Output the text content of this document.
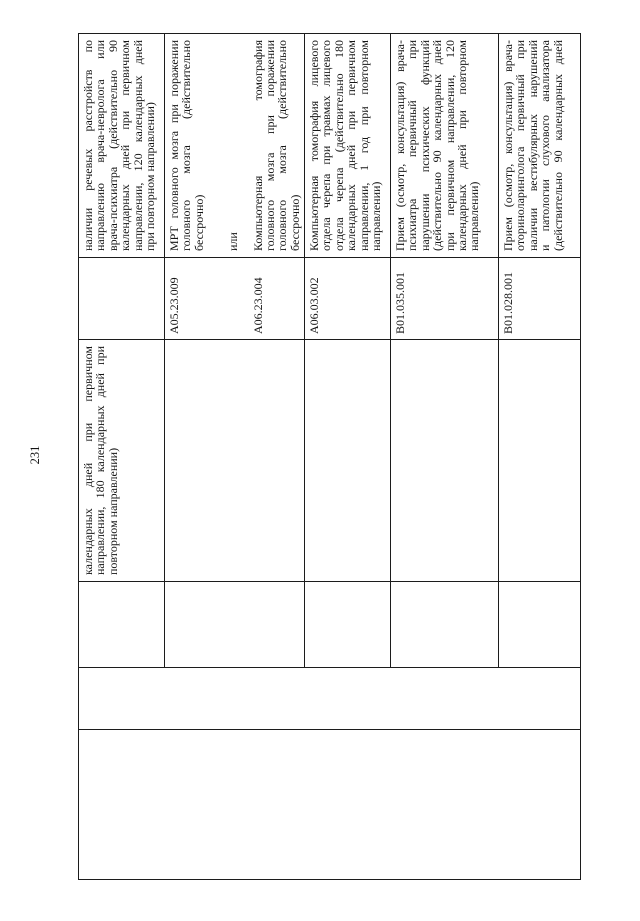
231	календарных дней при первичном
направлении, 180 календарных дней при
повторном направлении)
наличии речевых расстройств по
направлению врача-невролога или
врача-психиатра (действительно 90
календарных дней при первичном
направлении, 120 календарных дней
при повторном направлении)
A05.23.009	A06.23.004
МРТ головного мозга при поражении
головного мозга (действительно
бессрочно) или Компьютерная томография
головного мозга при поражении
головного мозга (действительно
бессрочно)
A06.03.002
Компьютерная томография лицевого
отдела черепа при травмах лицевого
отдела черепа (действительно 180
календарных дней при первичном
направлении, 1 год при повторном
направлении)
B01.035.001
Прием (осмотр, консультация) врача-
психиатра первичный при
нарушении психических функций
(действительно 90 календарных дней
при первичном направлении, 120
календарных дней при повторном
направлении)
B01.028.001
Прием (осмотр, консультация) врача-
оториноларинголога первичный при
наличии вестибулярных нарушений
и патологии слухового анализатора
(действительно 90 календарных дней
